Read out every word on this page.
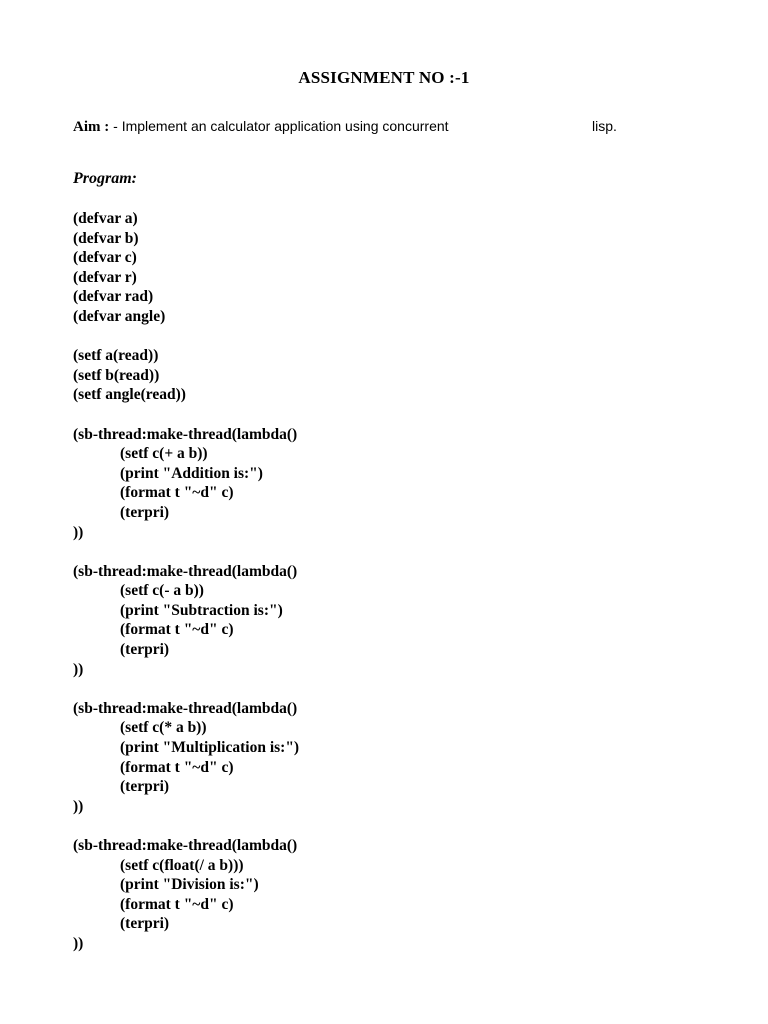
ASSIGNMENT NO :-1
Aim : - Implement an calculator application using concurrent	lisp.
Program:
(defvar a)
(defvar b)
(defvar c)
(defvar r)
(defvar rad)
(defvar angle)
(setf a(read))
(setf b(read))
(setf angle(read))
(sb-thread:make-thread(lambda()
(setf c(+ a b))
(print "Addition is:")
(format t "~d" c)
(terpri)
))
(sb-thread:make-thread(lambda()
(setf c(- a b))
(print "Subtraction is:")
(format t "~d" c)
(terpri)
))
(sb-thread:make-thread(lambda()
(setf c(* a b))
(print "Multiplication is:")
(format t "~d" c)
(terpri)
))
(sb-thread:make-thread(lambda()
(setf c(float(/ a b)))
(print "Division is:")
(format t "~d" c)
(terpri)
))
